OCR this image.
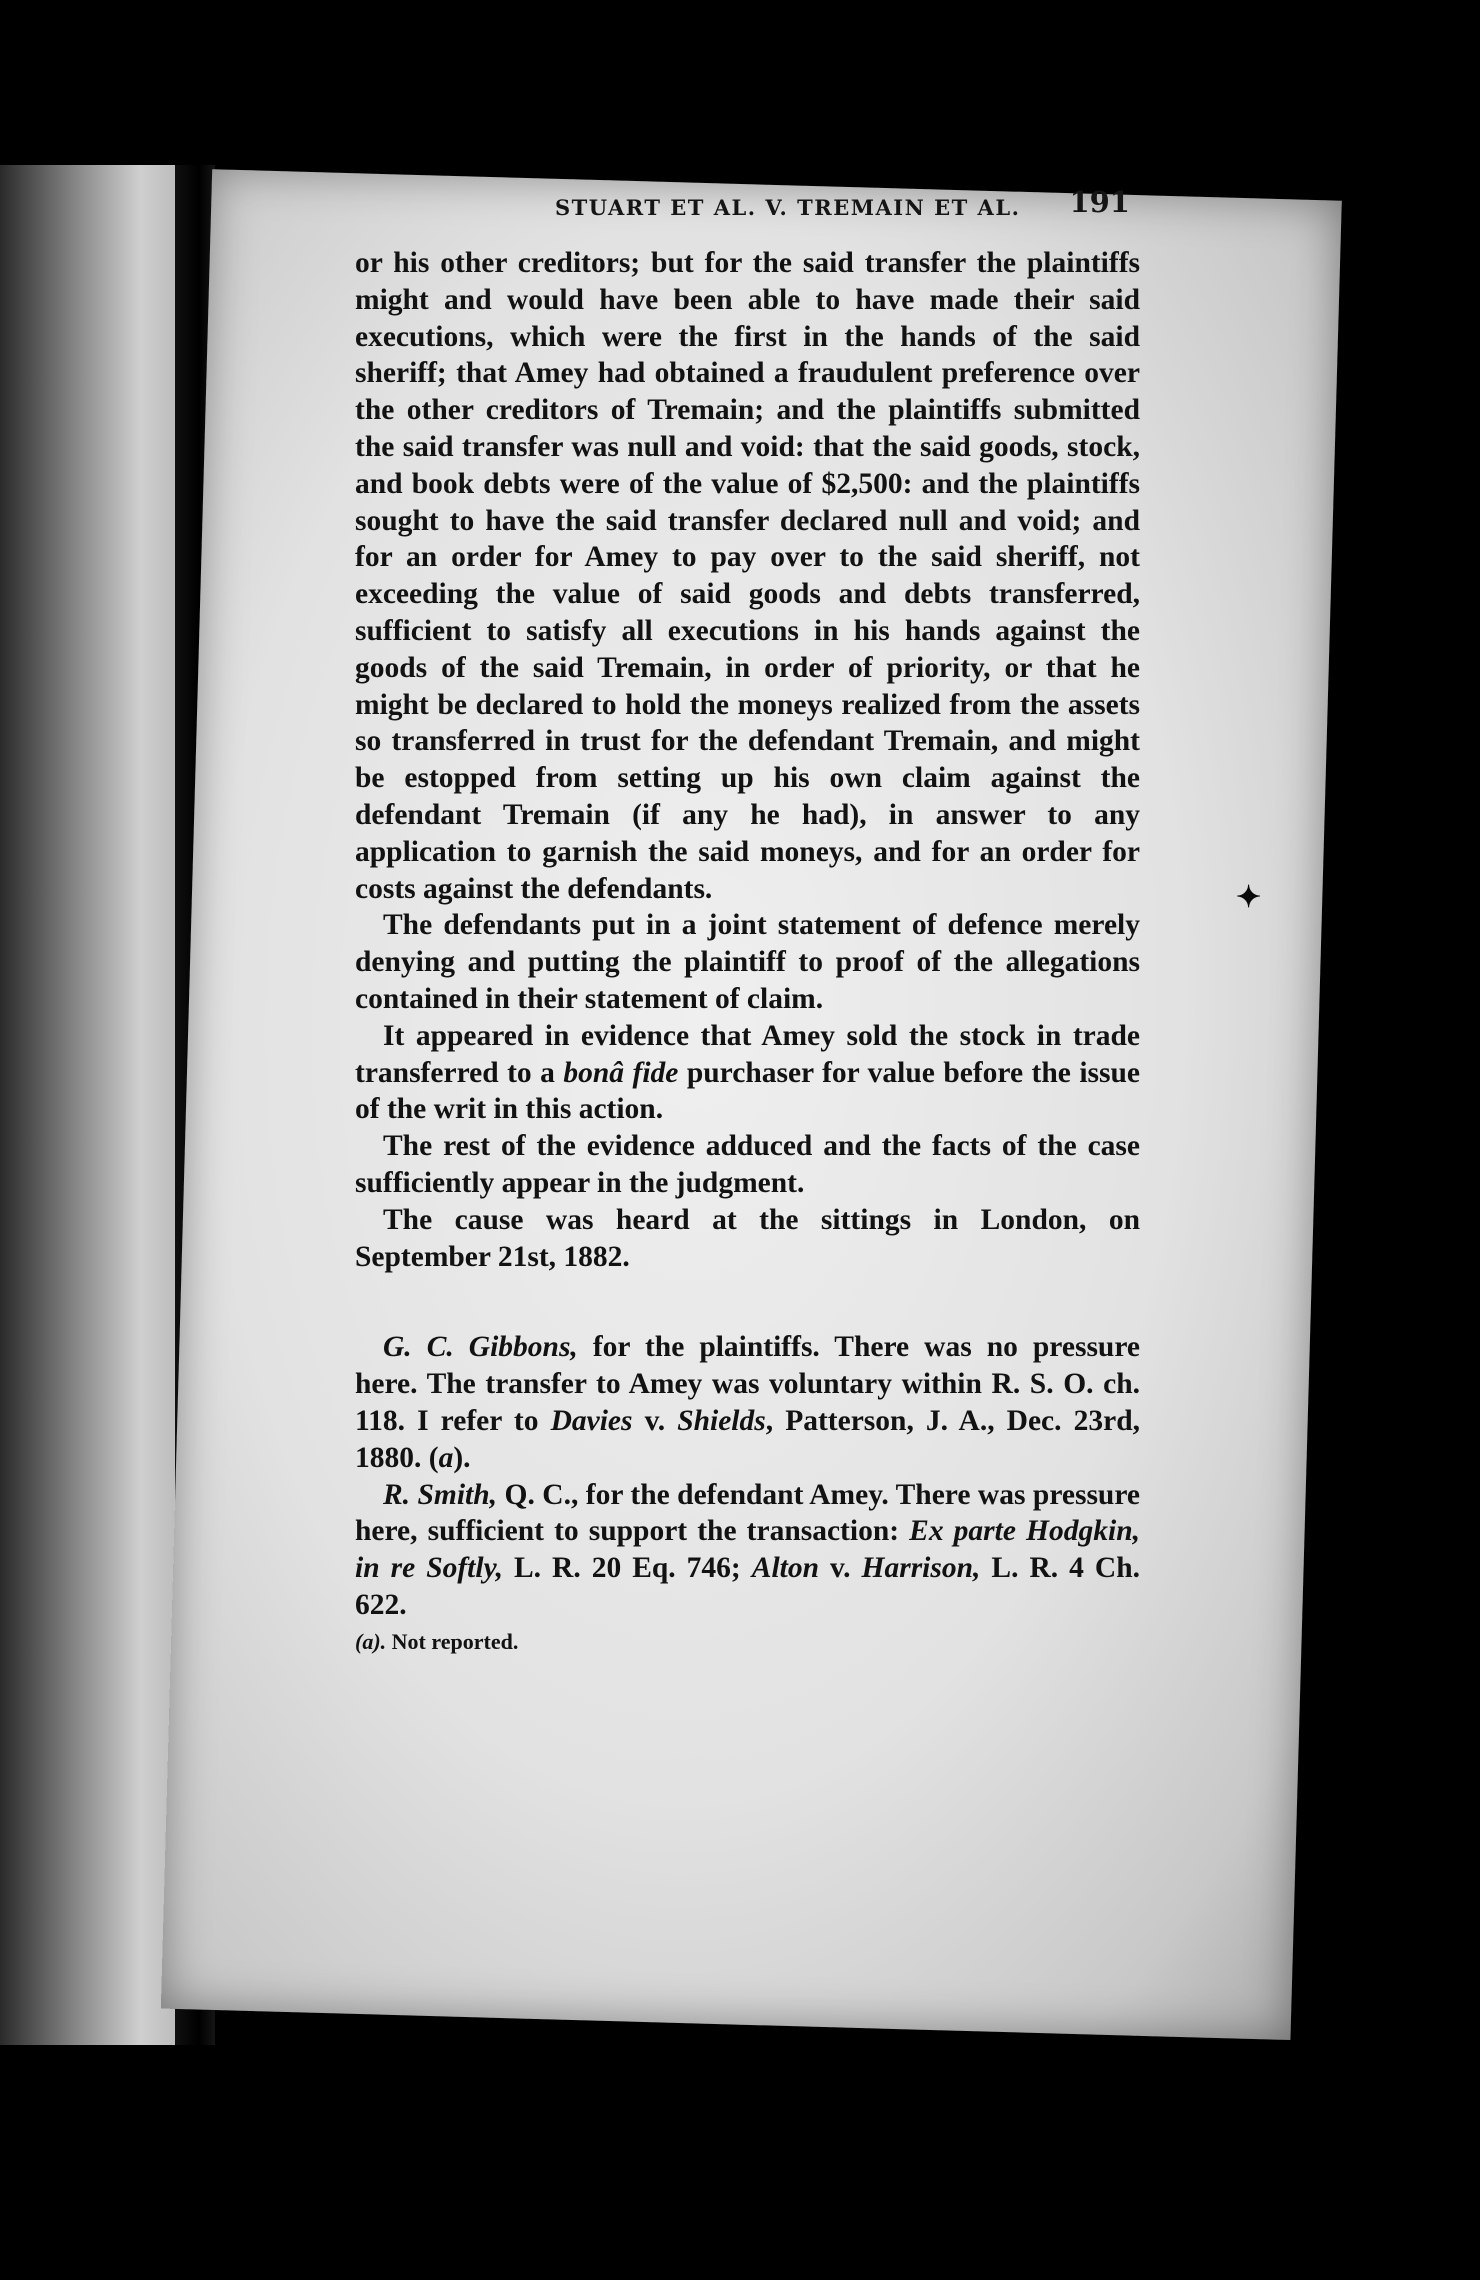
✦
STUART ET AL. V. TREMAIN ET AL. 191

or his other creditors; but for the said transfer the plaintiffs might and would have been able to have made their said executions, which were the first in the hands of the said sheriff; that Amey had obtained a fraudulent preference over the other creditors of Tremain; and the plaintiffs submitted the said transfer was null and void: that the said goods, stock, and book debts were of the value of $2,500: and the plaintiffs sought to have the said transfer declared null and void; and for an order for Amey to pay over to the said sheriff, not exceeding the value of said goods and debts transferred, sufficient to satisfy all executions in his hands against the goods of the said Tremain, in order of priority, or that he might be declared to hold the moneys realized from the assets so transferred in trust for the defendant Tremain, and might be estopped from setting up his own claim against the defendant Tremain (if any he had), in answer to any application to garnish the said moneys, and for an order for costs against the defendants.

The defendants put in a joint statement of defence merely denying and putting the plaintiff to proof of the allegations contained in their statement of claim.

It appeared in evidence that Amey sold the stock in trade transferred to a bonâ fide purchaser for value before the issue of the writ in this action.

The rest of the evidence adduced and the facts of the case sufficiently appear in the judgment.

The cause was heard at the sittings in London, on September 21st, 1882.

G. C. Gibbons, for the plaintiffs. There was no pressure here. The transfer to Amey was voluntary within R. S. O. ch. 118. I refer to Davies v. Shields, Patterson, J. A., Dec. 23rd, 1880. (a).

R. Smith, Q. C., for the defendant Amey. There was pressure here, sufficient to support the transaction: Ex parte Hodgkin, in re Softly, L. R. 20 Eq. 746; Alton v. Harrison, L. R. 4 Ch. 622.

(a). Not reported.
